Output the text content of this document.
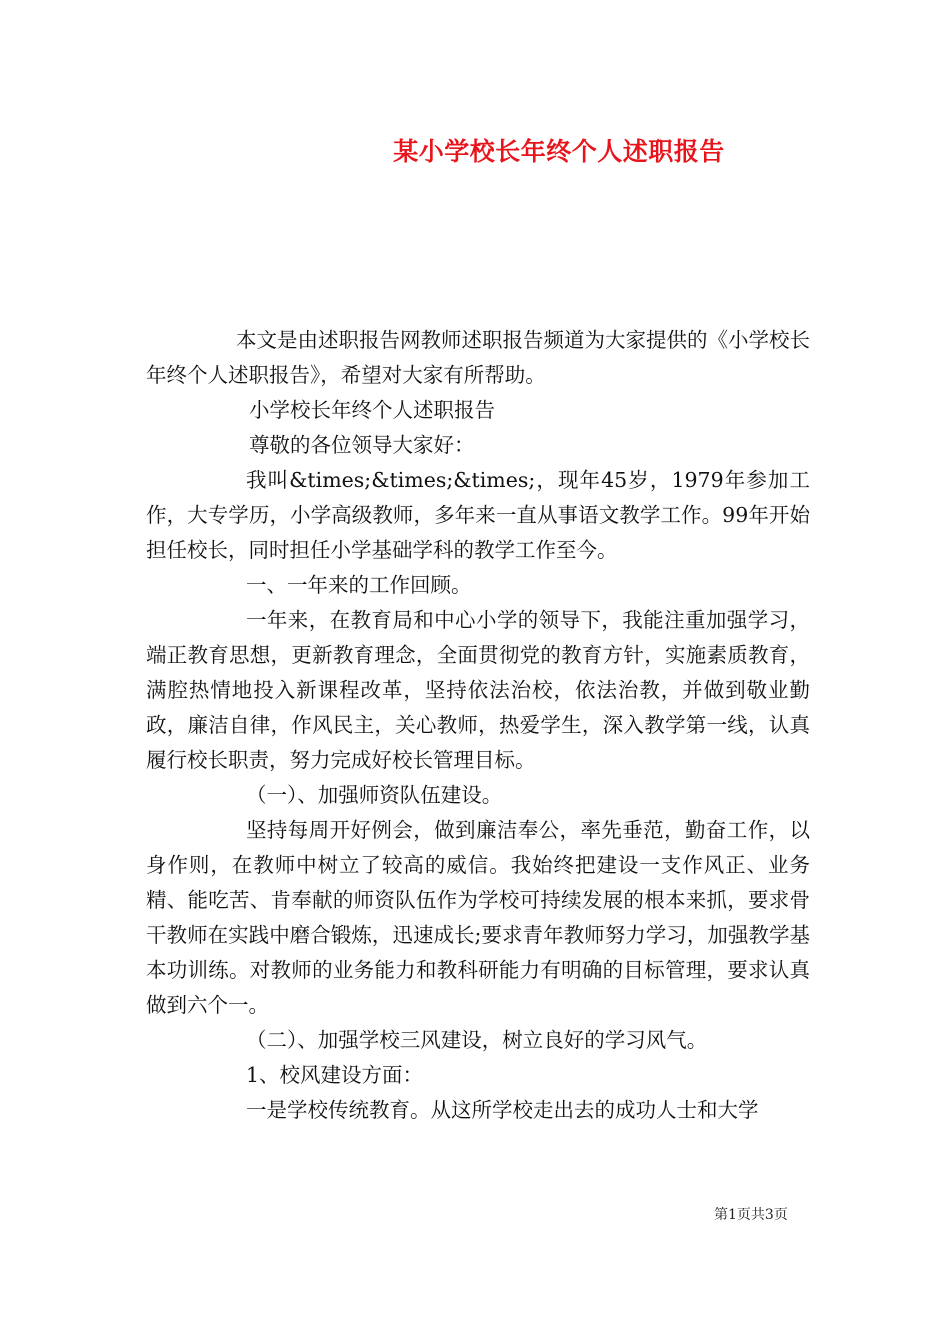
某小学校长年终个人述职报告

本文是由述职报告网教师述职报告频道为大家提供的《小学校长年终个人述职报告》，希望对大家有所帮助。

小学校长年终个人述职报告

尊敬的各位领导大家好：

我叫&times;&times;&times;，现年45岁，1979年参加工作，大专学历，小学高级教师，多年来一直从事语文教学工作。99年开始担任校长，同时担任小学基础学科的教学工作至今。

一、一年来的工作回顾。

一年来，在教育局和中心小学的领导下，我能注重加强学习，端正教育思想，更新教育理念，全面贯彻党的教育方针，实施素质教育，满腔热情地投入新课程改革，坚持依法治校，依法治教，并做到敬业勤政，廉洁自律，作风民主，关心教师，热爱学生，深入教学第一线，认真履行校长职责，努力完成好校长管理目标。

（一）、加强师资队伍建设。

坚持每周开好例会，做到廉洁奉公，率先垂范，勤奋工作，以身作则，在教师中树立了较高的威信。我始终把建设一支作风正、业务精、能吃苦、肯奉献的师资队伍作为学校可持续发展的根本来抓，要求骨干教师在实践中磨合锻炼，迅速成长;要求青年教师努力学习，加强教学基本功训练。对教师的业务能力和教科研能力有明确的目标管理，要求认真做到六个一。

（二）、加强学校三风建设，树立良好的学习风气。

1、校风建设方面：

一是学校传统教育。从这所学校走出去的成功人士和大学

第1页共3页
